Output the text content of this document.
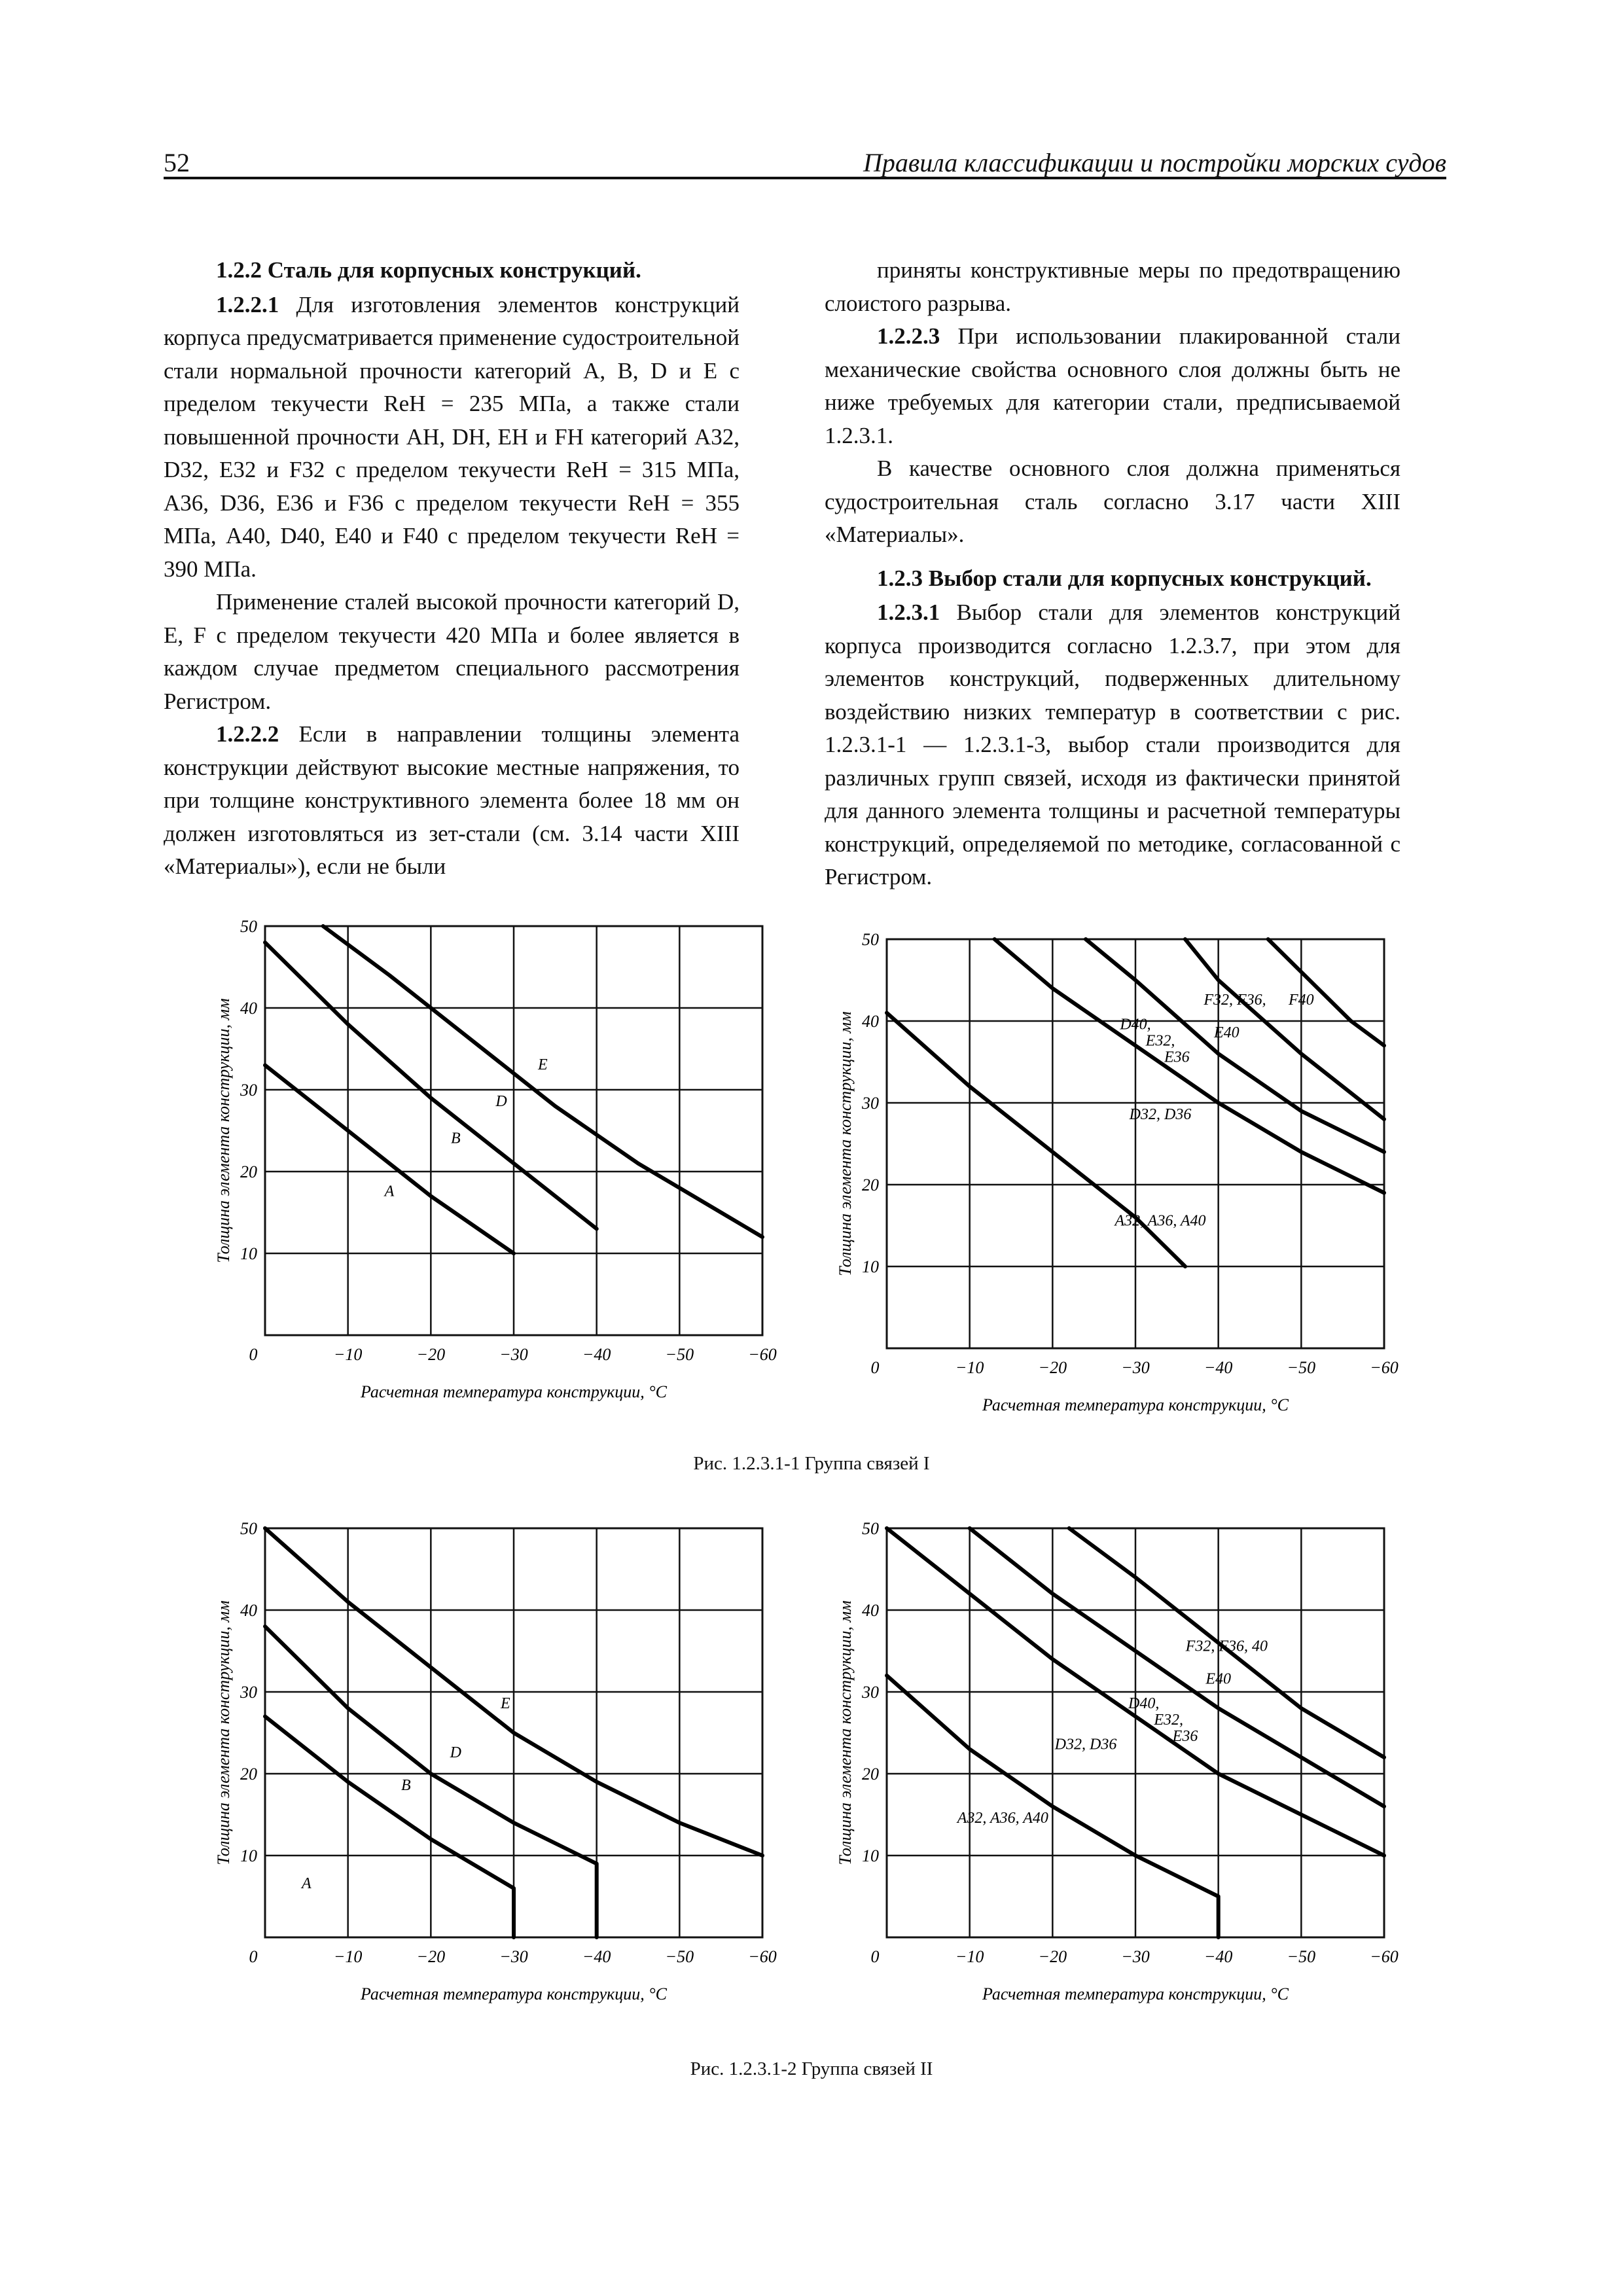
52	Правила классификации и постройки морских судов

1.2.2 Сталь для корпусных конструкций.

1.2.2.1 Для изготовления элементов конструкций корпуса предусматривается применение судостроительной стали нормальной прочности категорий A, B, D и E с пределом текучести ReH = 235 МПа, а также стали повышенной прочности AH, DH, EH и FH категорий A32, D32, E32 и F32 с пределом текучести ReH = 315 МПа, A36, D36, E36 и F36 с пределом текучести ReH = 355 МПа, A40, D40, E40 и F40 с пределом текучести ReH = 390 МПа.

Применение сталей высокой прочности категорий D, E, F с пределом текучести 420 МПа и более является в каждом случае предметом специального рассмотрения Регистром.

1.2.2.2 Если в направлении толщины элемента конструкции действуют высокие местные напряжения, то при толщине конструктивного элемента более 18 мм он должен изготовляться из зет-стали (см. 3.14 части XIII «Материалы»), если не были

приняты конструктивные меры по предотвращению слоистого разрыва.

1.2.2.3 При использовании плакированной стали механические свойства основного слоя должны быть не ниже требуемых для категории стали, предписываемой 1.2.3.1.

В качестве основного слоя должна применяться судостроительная сталь согласно 3.17 части XIII «Материалы».

1.2.3 Выбор стали для корпусных конструкций.

1.2.3.1 Выбор стали для элементов конструкций корпуса производится согласно 1.2.3.7, при этом для элементов конструкций, подверженных длительному воздействию низких температур в соответствии с рис. 1.2.3.1-1 — 1.2.3.1-3, выбор стали производится для различных групп связей, исходя из фактически принятой для данного элемента толщины и расчетной температуры конструкций, определяемой по методике, согласованной с Регистром.

0	−10	−20	−30	−40	−50	−60
10
20
30
40
50
Расчетная температура конструкции, °С
Толщина элемента конструкции, мм	A
B
D
E
0	−10	−20	−30	−40	−50	−60
10
20
30
40
50
Расчетная температура конструкции, °С
Толщина элемента конструкции, мм	A32, A36, A40
D32, D36
D40,
E32,
E36
E40
F32, F36, F40
Рис. 1.2.3.1-1 Группа связей I
0	−10	−20	−30	−40	−50	−60
10
20
30
40
50
Расчетная температура конструкции, °С
Толщина элемента конструкции, мм
A
B
D
E
0	−10	−20	−30	−40	−50	−60
10
20
30
40
50
Расчетная температура конструкции, °С
Толщина элемента конструкции, мм	A32, A36, A40
D32, D36
D40,
E32,
E36
F32, F36, 40
E40
Рис. 1.2.3.1-2 Группа связей II
